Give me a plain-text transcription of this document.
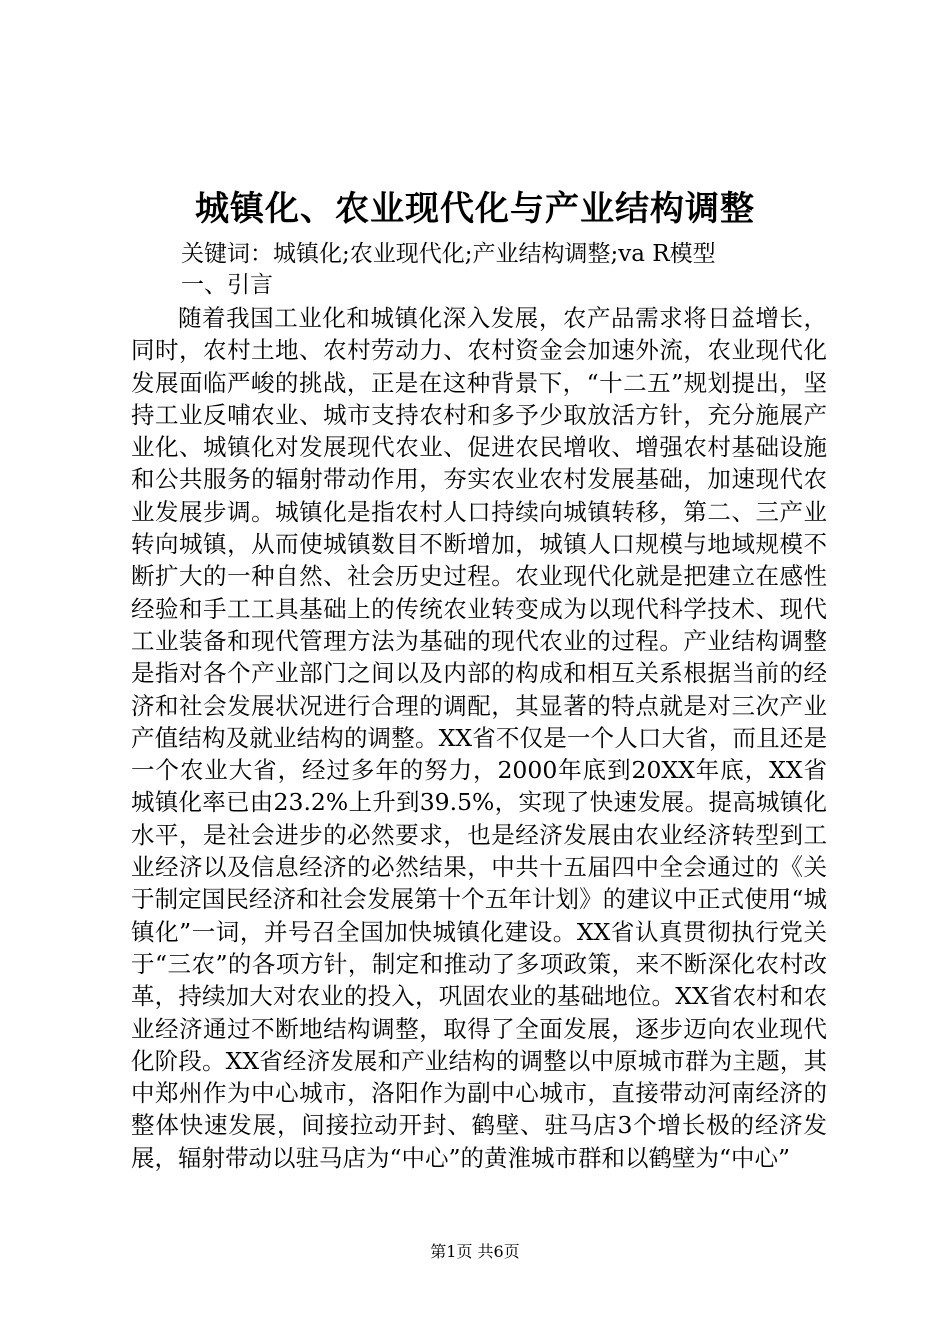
城镇化、农业现代化与产业结构调整

关键词：城镇化;农业现代化;产业结构调整;va R模型

一、引言

随着我国工业化和城镇化深入发展，农产品需求将日益增长，同时，农村土地、农村劳动力、农村资金会加速外流，农业现代化发展面临严峻的挑战，正是在这种背景下，“十二五”规划提出，坚持工业反哺农业、城市支持农村和多予少取放活方针，充分施展产业化、城镇化对发展现代农业、促进农民增收、增强农村基础设施和公共服务的辐射带动作用，夯实农业农村发展基础，加速现代农业发展步调。城镇化是指农村人口持续向城镇转移，第二、三产业转向城镇，从而使城镇数目不断增加，城镇人口规模与地域规模不断扩大的一种自然、社会历史过程。农业现代化就是把建立在感性经验和手工工具基础上的传统农业转变成为以现代科学技术、现代工业装备和现代管理方法为基础的现代农业的过程。产业结构调整是指对各个产业部门之间以及内部的构成和相互关系根据当前的经济和社会发展状况进行合理的调配，其显著的特点就是对三次产业产值结构及就业结构的调整。XX省不仅是一个人口大省，而且还是一个农业大省，经过多年的努力，2000年底到20XX年底，XX省城镇化率已由23.2%上升到39.5%，实现了快速发展。提高城镇化水平，是社会进步的必然要求，也是经济发展由农业经济转型到工业经济以及信息经济的必然结果，中共十五届四中全会通过的《关于制定国民经济和社会发展第十个五年计划》的建议中正式使用“城镇化”一词，并号召全国加快城镇化建设。XX省认真贯彻执行党关于“三农”的各项方针，制定和推动了多项政策，来不断深化农村改革，持续加大对农业的投入，巩固农业的基础地位。XX省农村和农业经济通过不断地结构调整，取得了全面发展，逐步迈向农业现代化阶段。XX省经济发展和产业结构的调整以中原城市群为主题，其中郑州作为中心城市，洛阳作为副中心城市，直接带动河南经济的整体快速发展，间接拉动开封、鹤壁、驻马店3个增长极的经济发展，辐射带动以驻马店为“中心”的黄淮城市群和以鹤壁为“中心”

第1页 共6页
